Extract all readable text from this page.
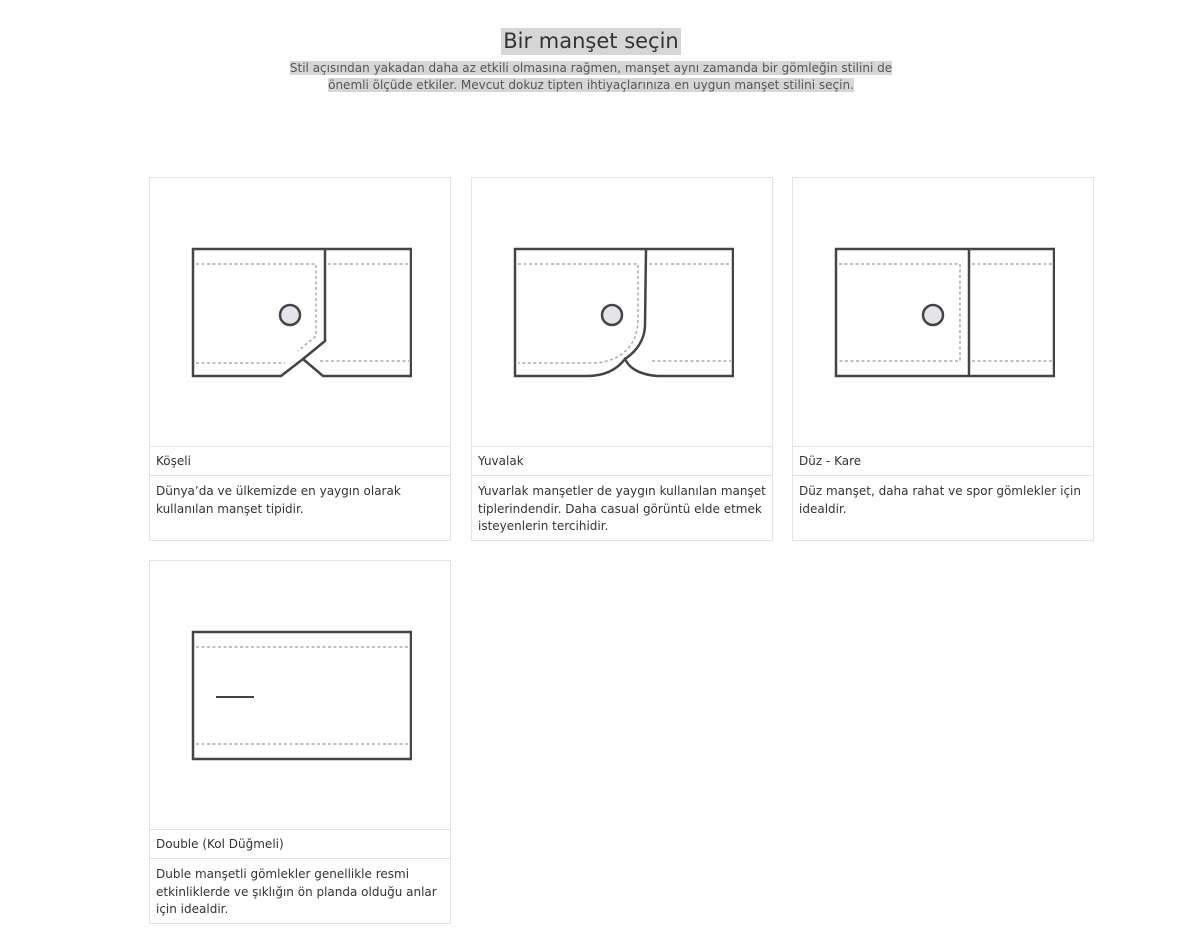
Bir manşet seçin
Stil açısından yakadan daha az etkili olmasına rağmen, manşet aynı zamanda bir gömleğin stilini de
önemli ölçüde etkiler. Mevcut dokuz tipten ihtiyaçlarınıza en uygun manşet stilini seçin.
Köşeli
Dünya’da ve ülkemizde en yaygın olarak kullanılan manşet tipidir.
Yuvalak
Yuvarlak manşetler de yaygın kullanılan manşet tiplerindendir. Daha casual görüntü elde etmek isteyenlerin tercihidir.
Düz - Kare
Düz manşet, daha rahat ve spor gömlekler için idealdir.
Double (Kol Düğmeli)
Duble manşetli gömlekler genellikle resmi etkinliklerde ve şıklığın ön planda olduğu anlar için idealdir.
